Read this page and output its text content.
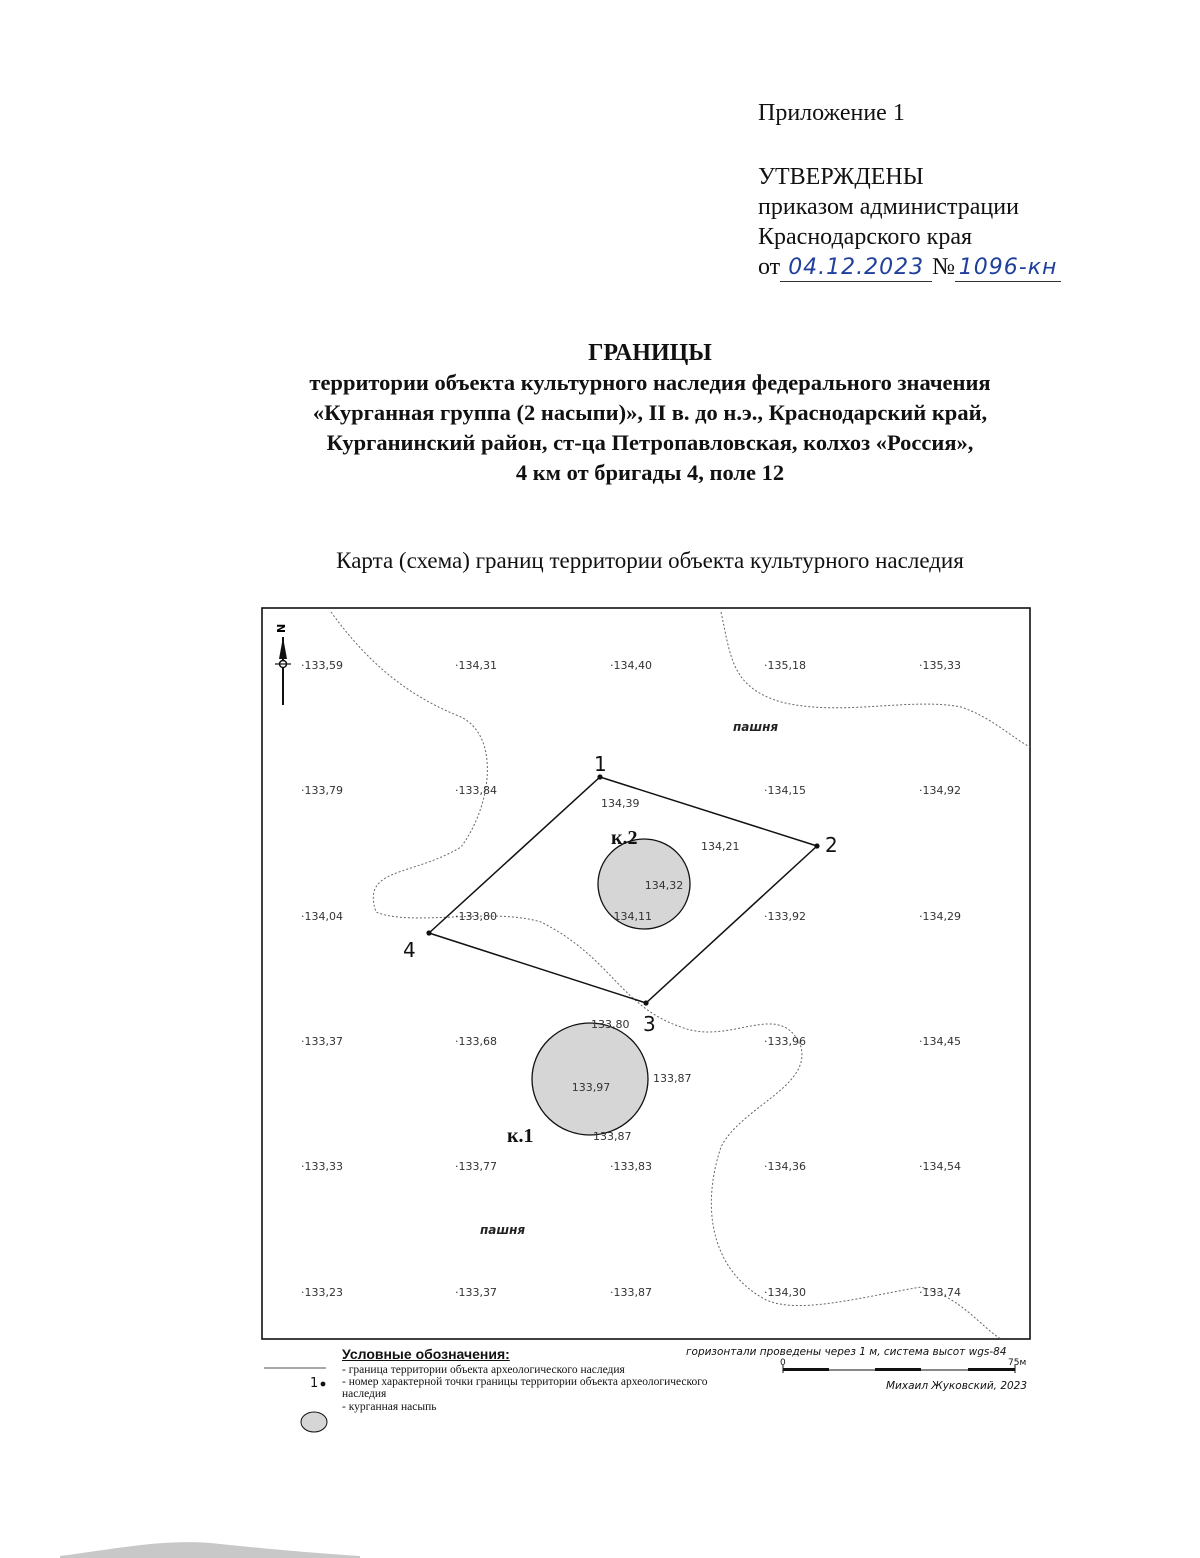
Приложение 1
УТВЕРЖДЕНЫ
приказом администрации
Краснодарского края
от 04.12.2023 № 1096-кн
ГРАНИЦЫ
территории объекта культурного наследия федерального значения
«Курганная группа (2 насыпи)», II в. до н.э., Краснодарский край,
Курганинский район, ст-ца Петропавловская, колхоз «Россия»,
4 км от бригады 4, поле 12
Карта (схема) границ территории объекта культурного наследия
N
1
2
3
4
к.2
к.1
пашня
пашня
·133,59	·134,31	·134,40	·135,18	·135,33
·133,79	·133,84	·134,15	·134,92
·134,04	·133,80	·134,11	·133,92	·134,29
·133,37	·133,68	·133,96	·134,45
·133,33	·133,77	·133,83	·134,36	·134,54
·133,23	·133,37	·133,87	·134,30	·133,74
134,39
134,21
134,32
133,80
133,97
133,87
133,87
Условные обозначения:
1
- граница территории объекта археологического наследия
- номер характерной точки границы территории объекта археологического наследия
- курганная насыпь
горизонтали проведены через 1 м, система высот wgs-84
0	75м
Михаил Жуковский, 2023
